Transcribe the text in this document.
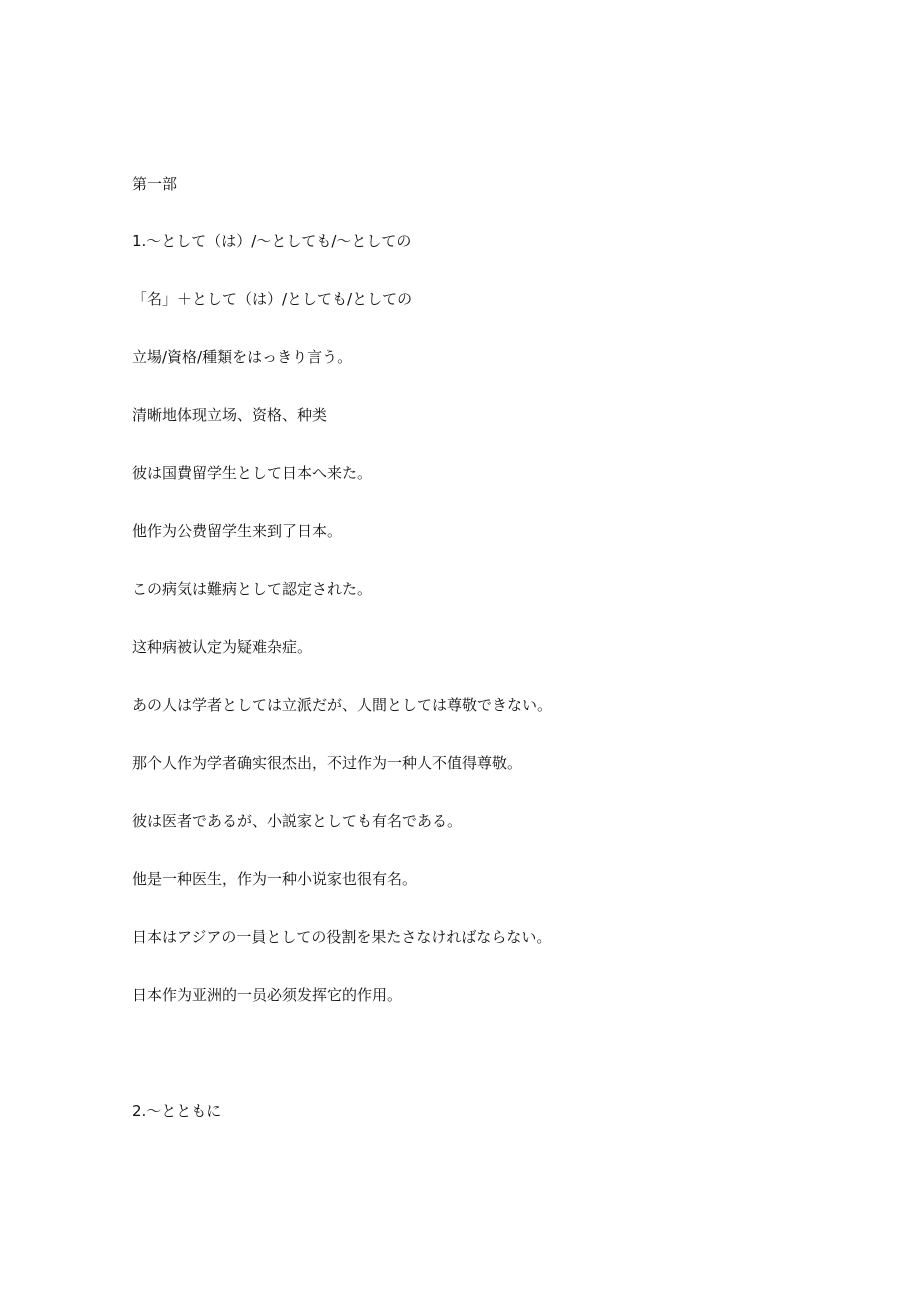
第一部

1.～として（は）/～としても/～としての

「名」＋として（は）/としても/としての

立場/資格/種類をはっきり言う。

清晰地体现立场、资格、种类

彼は国費留学生として日本へ来た。

他作为公费留学生来到了日本。

この病気は難病として認定された。

这种病被认定为疑难杂症。

あの人は学者としては立派だが、人間としては尊敬できない。

那个人作为学者确实很杰出，不过作为一种人不值得尊敬。

彼は医者であるが、小説家としても有名である。

他是一种医生，作为一种小说家也很有名。

日本はアジアの一員としての役割を果たさなければならない。

日本作为亚洲的一员必须发挥它的作用。

2.～とともに
